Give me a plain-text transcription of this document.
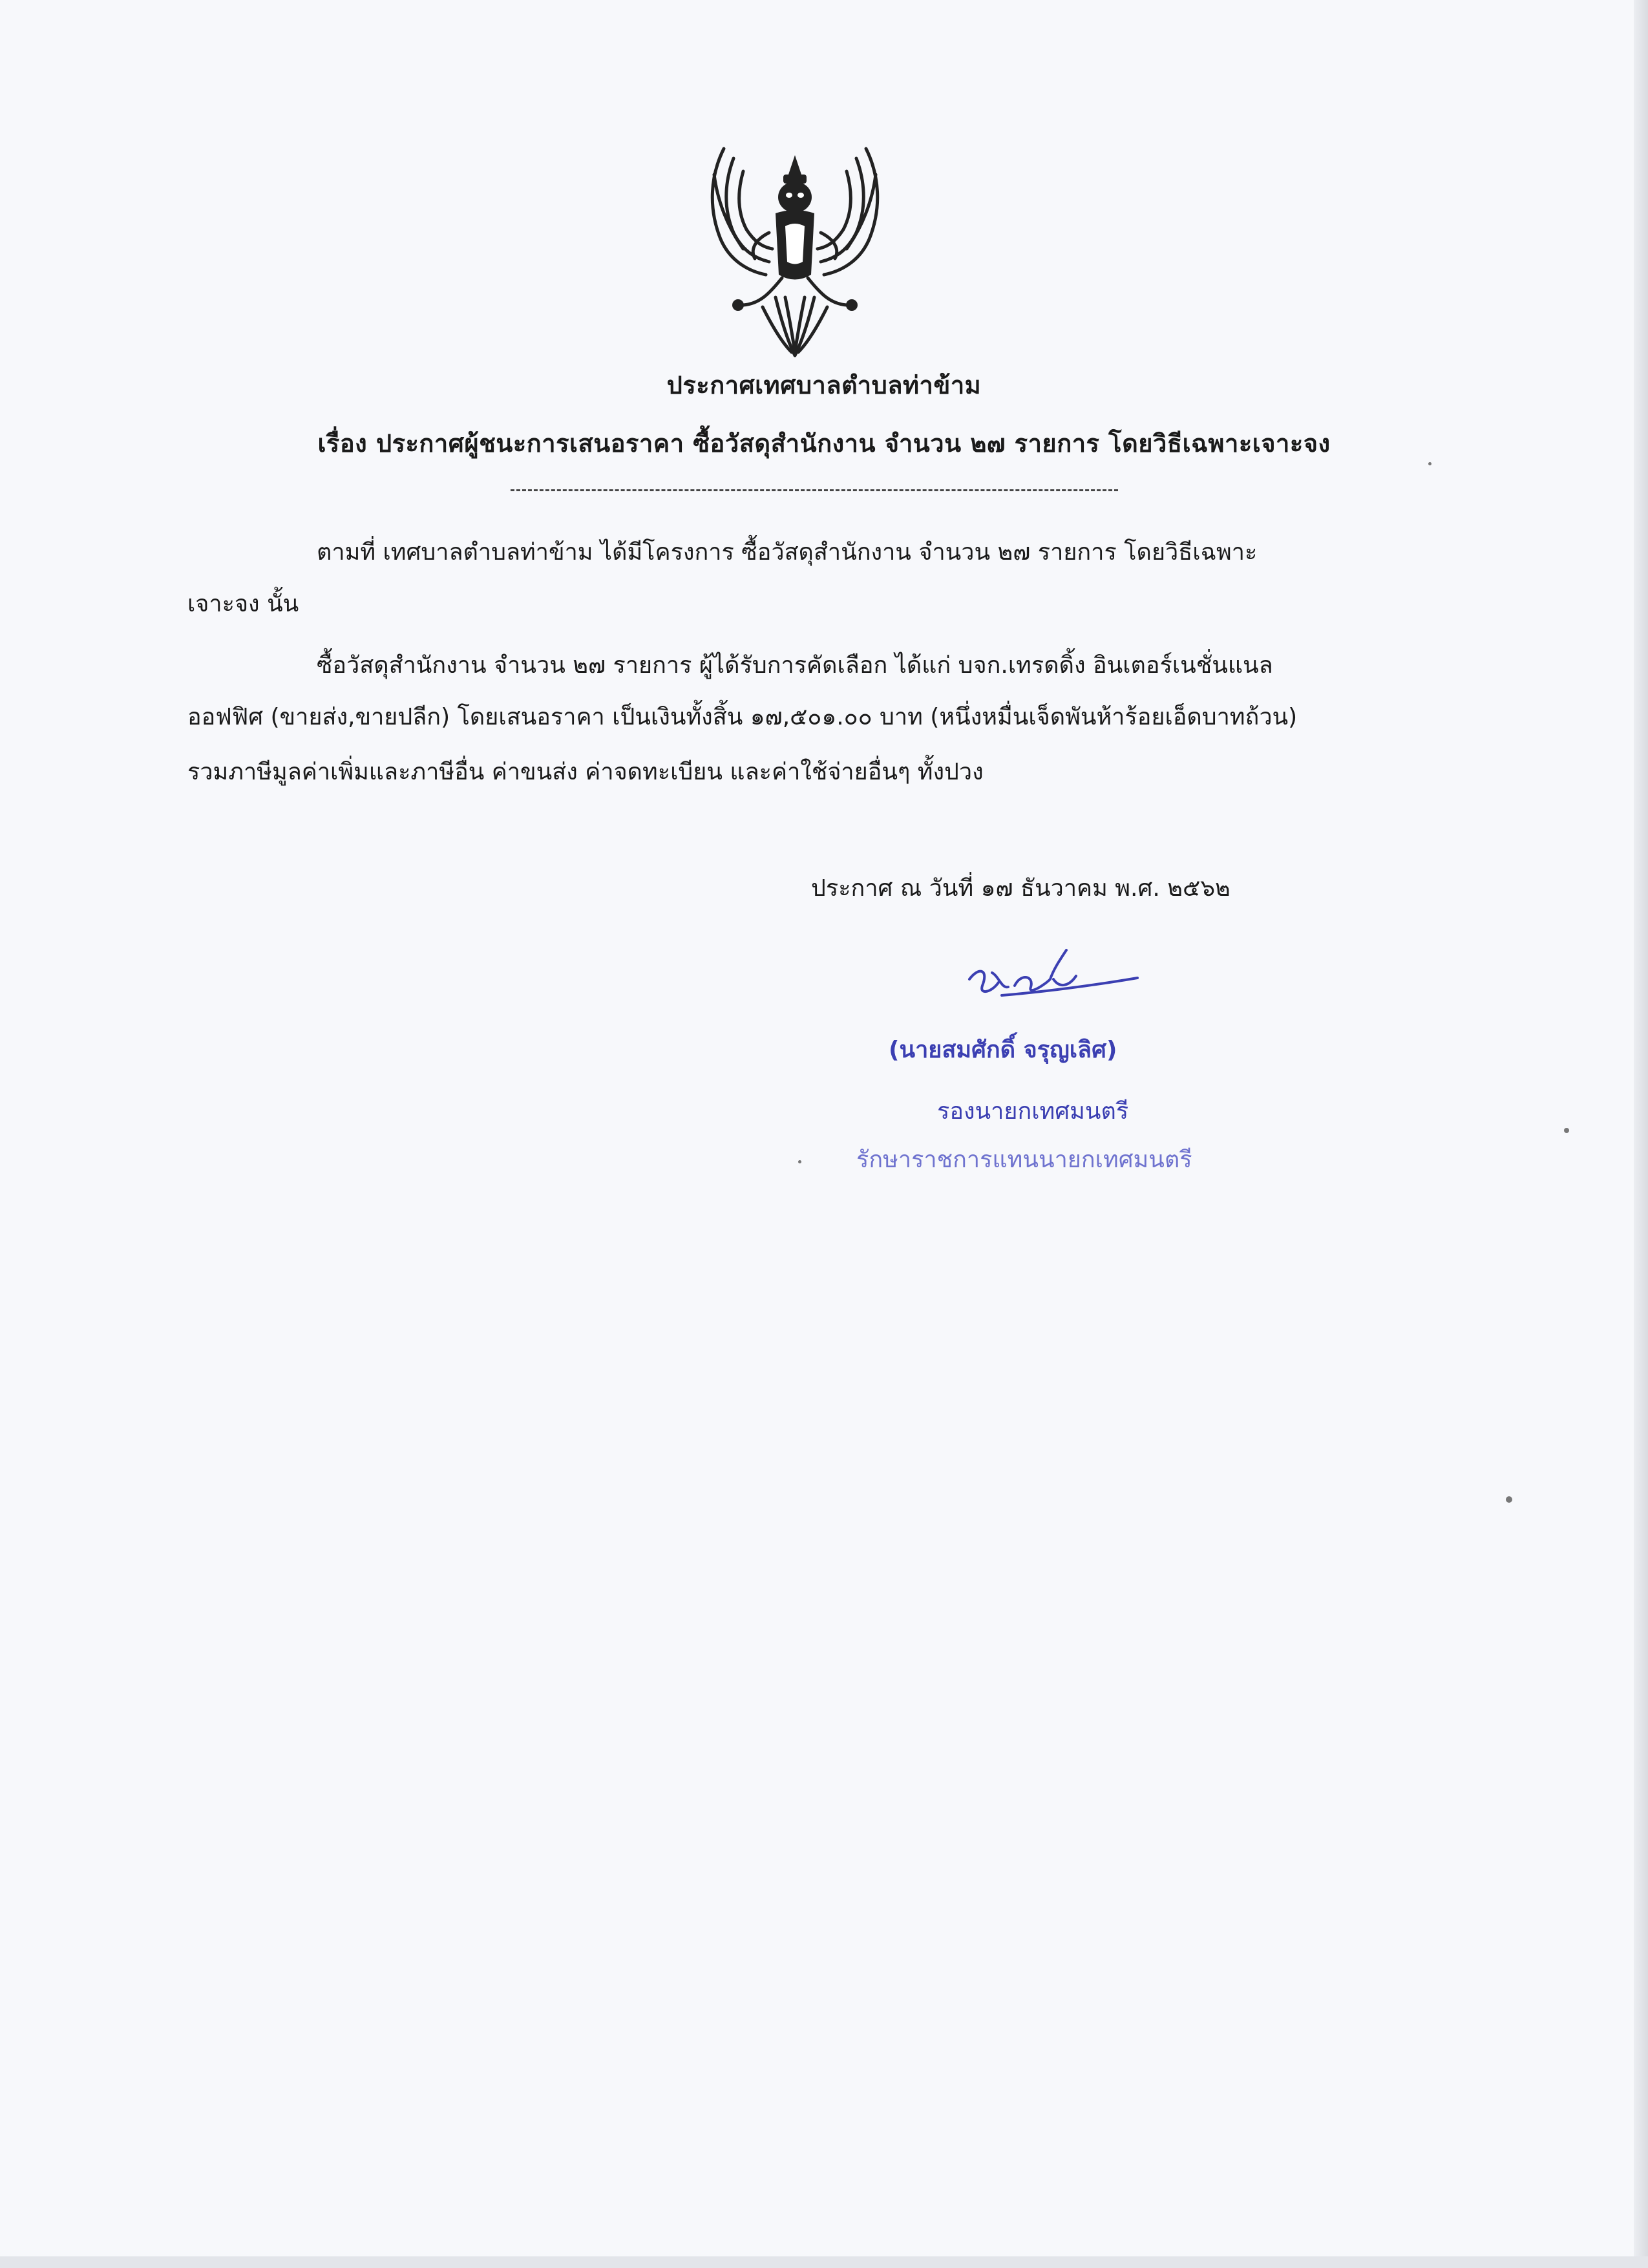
ประกาศเทศบาลตำบลท่าข้าม
เรื่อง ประกาศผู้ชนะการเสนอราคา ซื้อวัสดุสำนักงาน จำนวน ๒๗ รายการ โดยวิธีเฉพาะเจาะจง
ตามที่ เทศบาลตำบลท่าข้าม ได้มีโครงการ ซื้อวัสดุสำนักงาน จำนวน ๒๗ รายการ โดยวิธีเฉพาะ
เจาะจง นั้น
ซื้อวัสดุสำนักงาน จำนวน ๒๗ รายการ ผู้ได้รับการคัดเลือก ได้แก่ บจก.เทรดดิ้ง อินเตอร์เนชั่นแนล
ออฟฟิศ (ขายส่ง,ขายปลีก) โดยเสนอราคา เป็นเงินทั้งสิ้น ๑๗,๕๐๑.๐๐ บาท (หนึ่งหมื่นเจ็ดพันห้าร้อยเอ็ดบาทถ้วน)
รวมภาษีมูลค่าเพิ่มและภาษีอื่น ค่าขนส่ง ค่าจดทะเบียน และค่าใช้จ่ายอื่นๆ ทั้งปวง
ประกาศ ณ วันที่ ๑๗ ธันวาคม พ.ศ. ๒๕๖๒
(นายสมศักดิ์ จรุญเลิศ)
รองนายกเทศมนตรี
รักษาราชการแทนนายกเทศมนตรี
